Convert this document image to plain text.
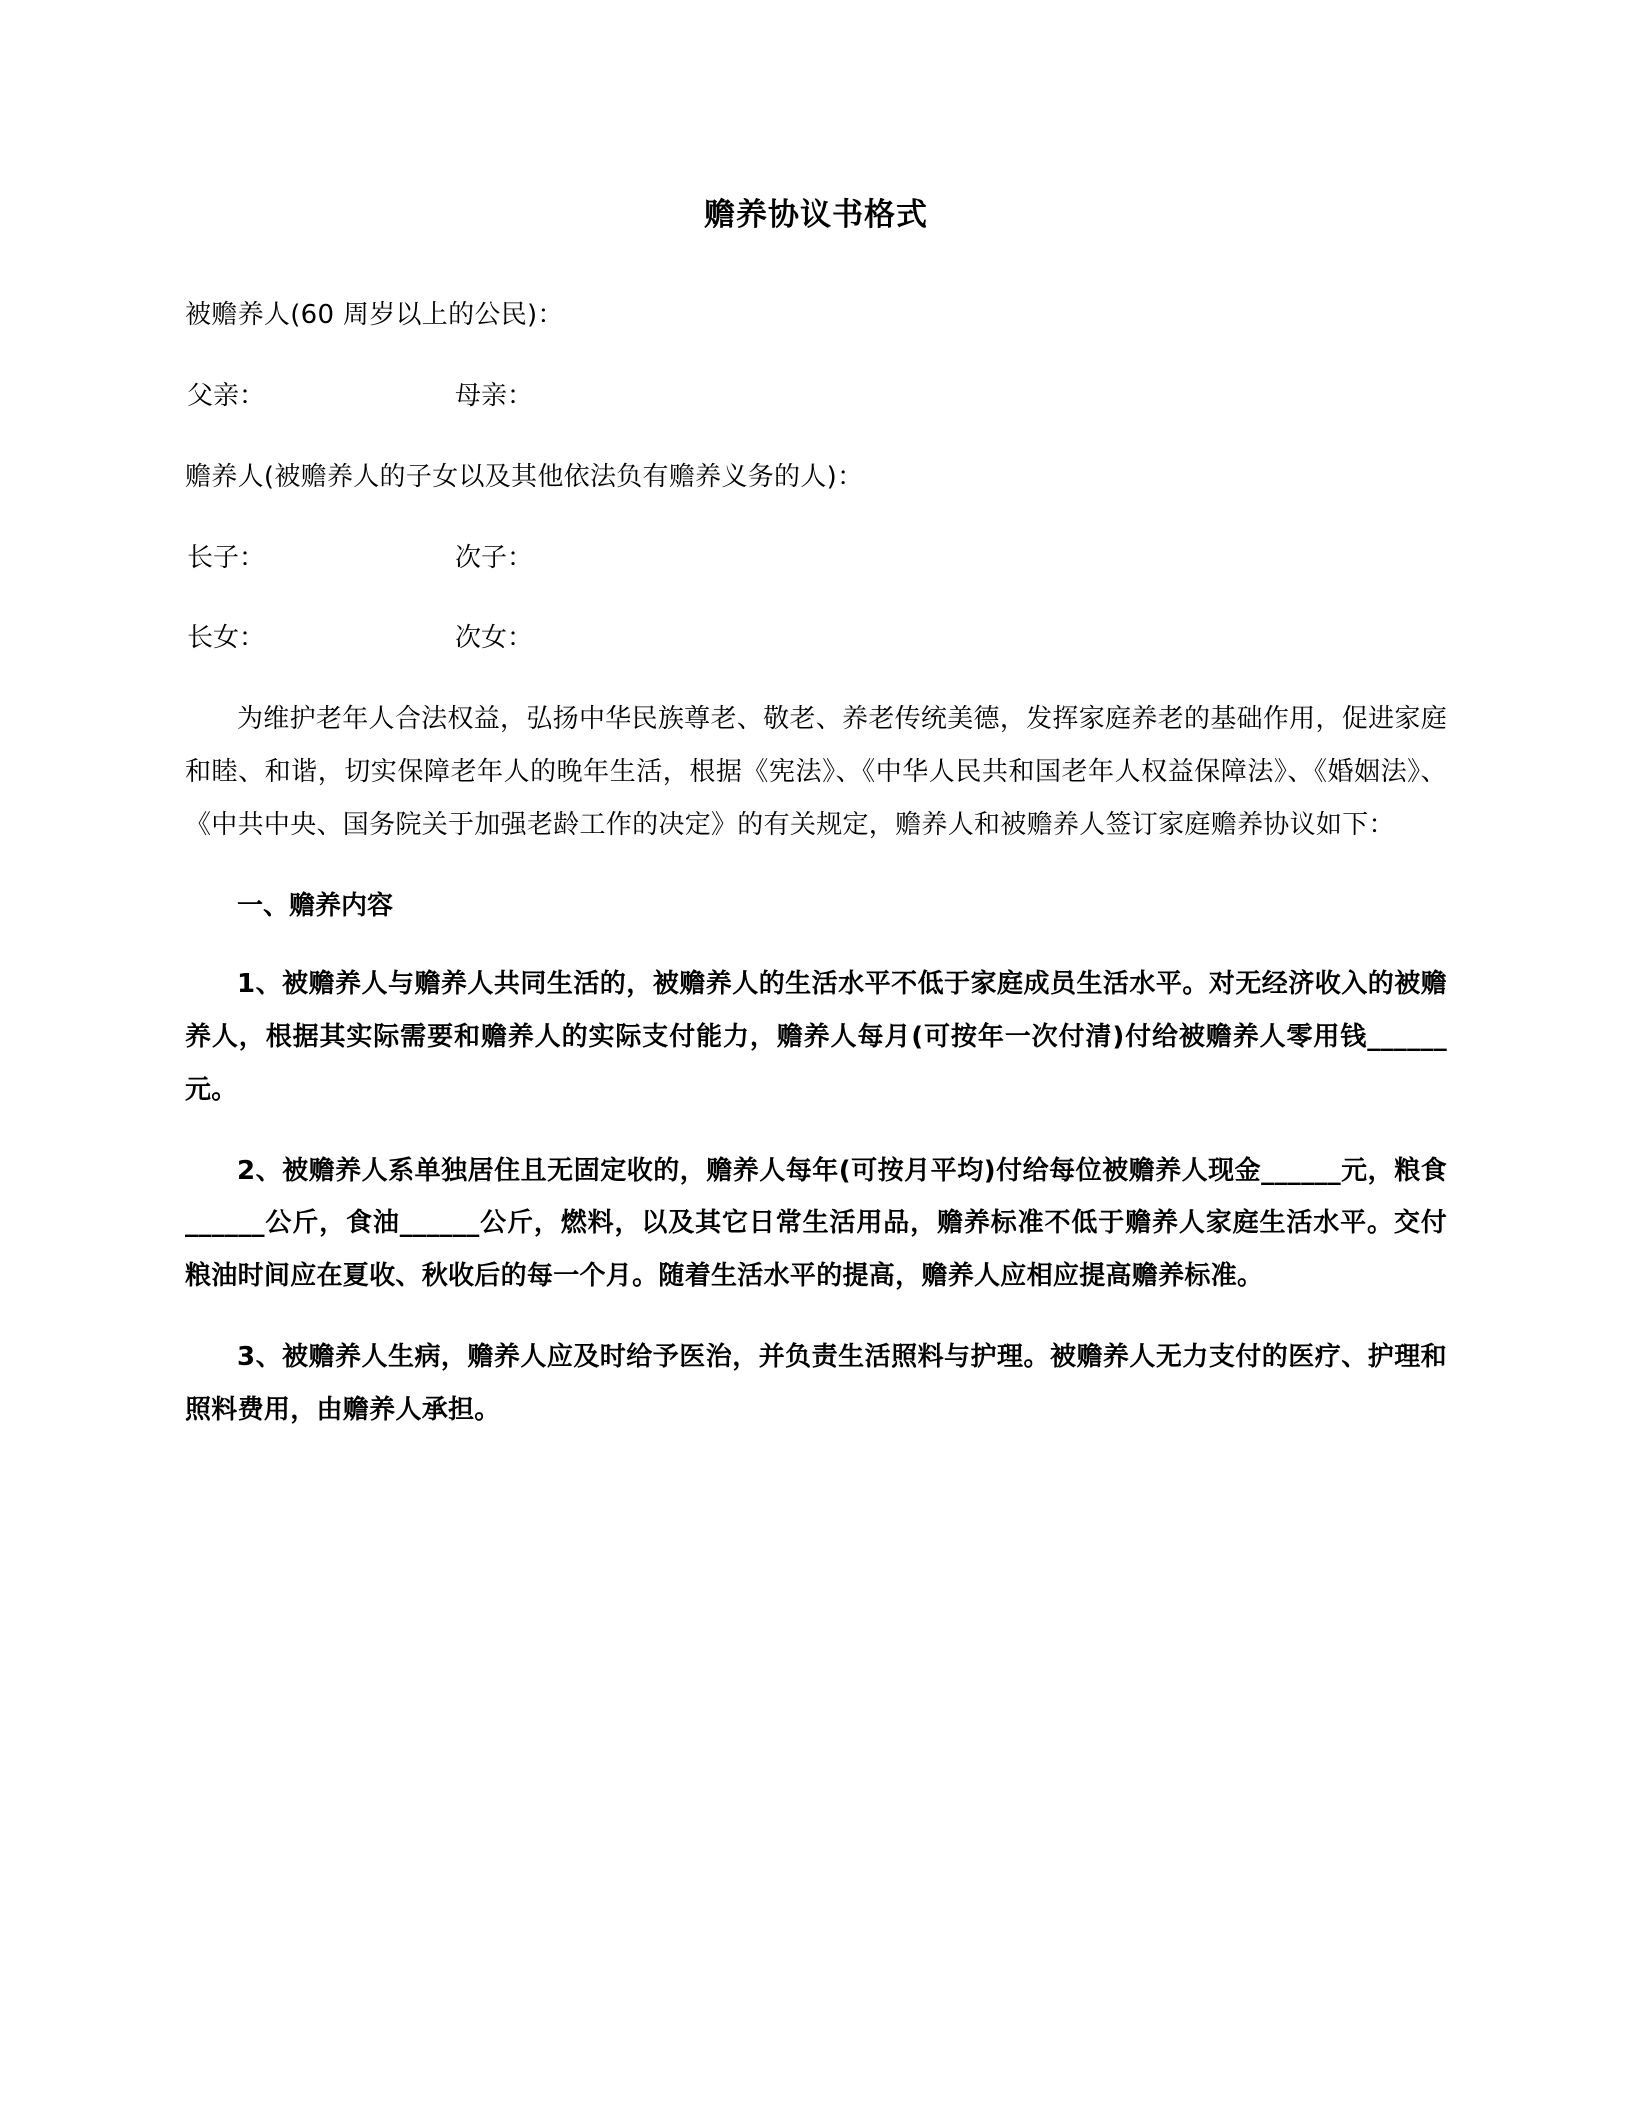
赡养协议书格式
被赡养人(60 周岁以上的公民)：
父亲：	母亲：
赡养人(被赡养人的子女以及其他依法负有赡养义务的人)：
长子：	次子：
长女：	次女：
为维护老年人合法权益，弘扬中华民族尊老、敬老、养老传统美德，发挥家庭养老的基础作用，促进家庭和睦、和谐，切实保障老年人的晚年生活，根据《宪法》、《中华人民共和国老年人权益保障法》、《婚姻法》、《中共中央、国务院关于加强老龄工作的决定》的有关规定，赡养人和被赡养人签订家庭赡养协议如下：
一、赡养内容
1、被赡养人与赡养人共同生活的，被赡养人的生活水平不低于家庭成员生活水平。对无经济收入的被赡养人，根据其实际需要和赡养人的实际支付能力，赡养人每月(可按年一次付清)付给被赡养人零用钱______元。
2、被赡养人系单独居住且无固定收的，赡养人每年(可按月平均)付给每位被赡养人现金______元，粮食______公斤，食油______公斤，燃料，以及其它日常生活用品，赡养标准不低于赡养人家庭生活水平。交付粮油时间应在夏收、秋收后的每一个月。随着生活水平的提高，赡养人应相应提高赡养标准。
3、被赡养人生病，赡养人应及时给予医治，并负责生活照料与护理。被赡养人无力支付的医疗、护理和照料费用，由赡养人承担。
